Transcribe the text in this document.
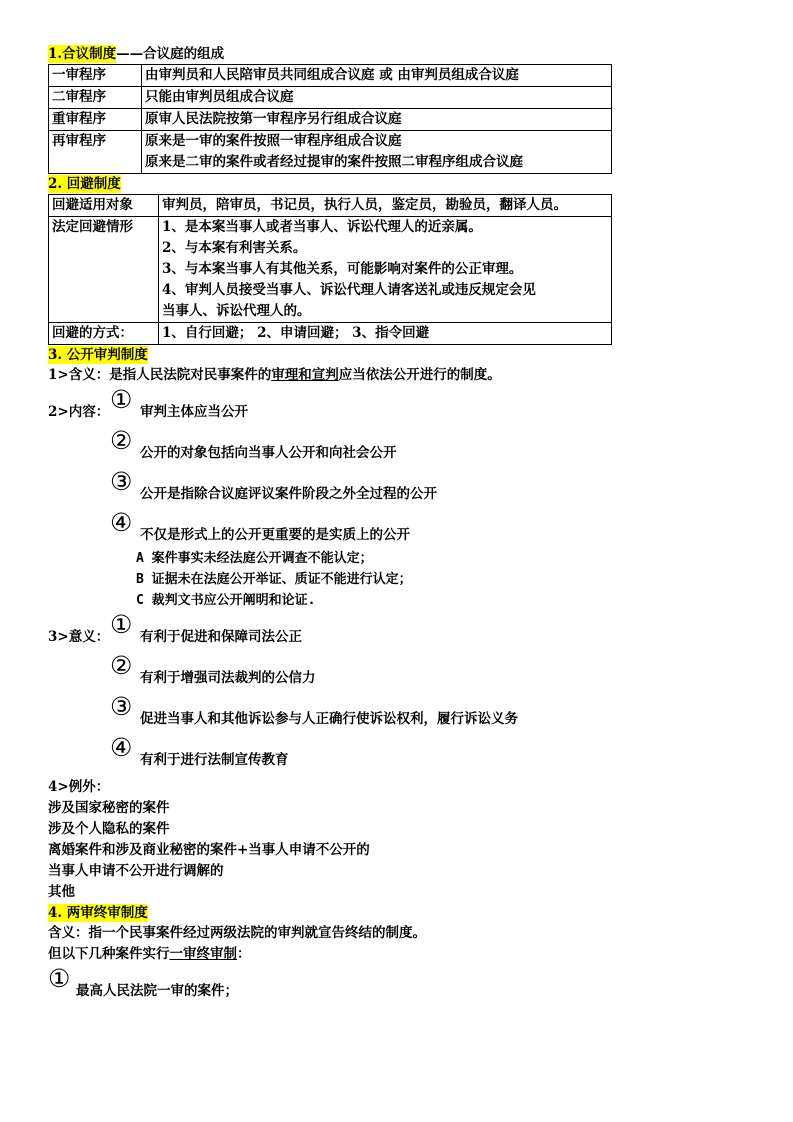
1.合议制度——合议庭的组成
一审程序	由审判员和人民陪审员共同组成合议庭 或 由审判员组成合议庭
二审程序	只能由审判员组成合议庭
重审程序	原审人民法院按第一审程序另行组成合议庭
再审程序	原来是一审的案件按照一审程序组成合议庭
原来是二审的案件或者经过提审的案件按照二审程序组成合议庭
2. 回避制度
回避适用对象	审判员，陪审员，书记员，执行人员，鉴定员，勘验员，翻译人员。
法定回避情形	1、是本案当事人或者当事人、诉讼代理人的近亲属。
2、与本案有利害关系。
3、与本案当事人有其他关系，可能影响对案件的公正审理。
4、审判人员接受当事人、诉讼代理人请客送礼或违反规定会见
当事人、诉讼代理人的。

回避的方式：	1、自行回避； 2、申请回避； 3、指令回避
3. 公开审判制度
1>含义：是指人民法院对民事案件的审理和宣判应当依法公开进行的制度。
2>内容： ① 审判主体应当公开
② 公开的对象包括向当事人公开和向社会公开
③ 公开是指除合议庭评议案件阶段之外全过程的公开
④ 不仅是形式上的公开更重要的是实质上的公开
A 案件事实未经法庭公开调查不能认定；
B 证据未在法庭公开举证、质证不能进行认定；
C 裁判文书应公开阐明和论证.
3>意义： ① 有利于促进和保障司法公正
② 有利于增强司法裁判的公信力
③ 促进当事人和其他诉讼参与人正确行使诉讼权利，履行诉讼义务
④ 有利于进行法制宣传教育
4>例外：
涉及国家秘密的案件
涉及个人隐私的案件
离婚案件和涉及商业秘密的案件+当事人申请不公开的
当事人申请不公开进行调解的
其他
4. 两审终审制度
含义：指一个民事案件经过两级法院的审判就宣告终结的制度。
但以下几种案件实行一审终审制：
① 最高人民法院一审的案件；
